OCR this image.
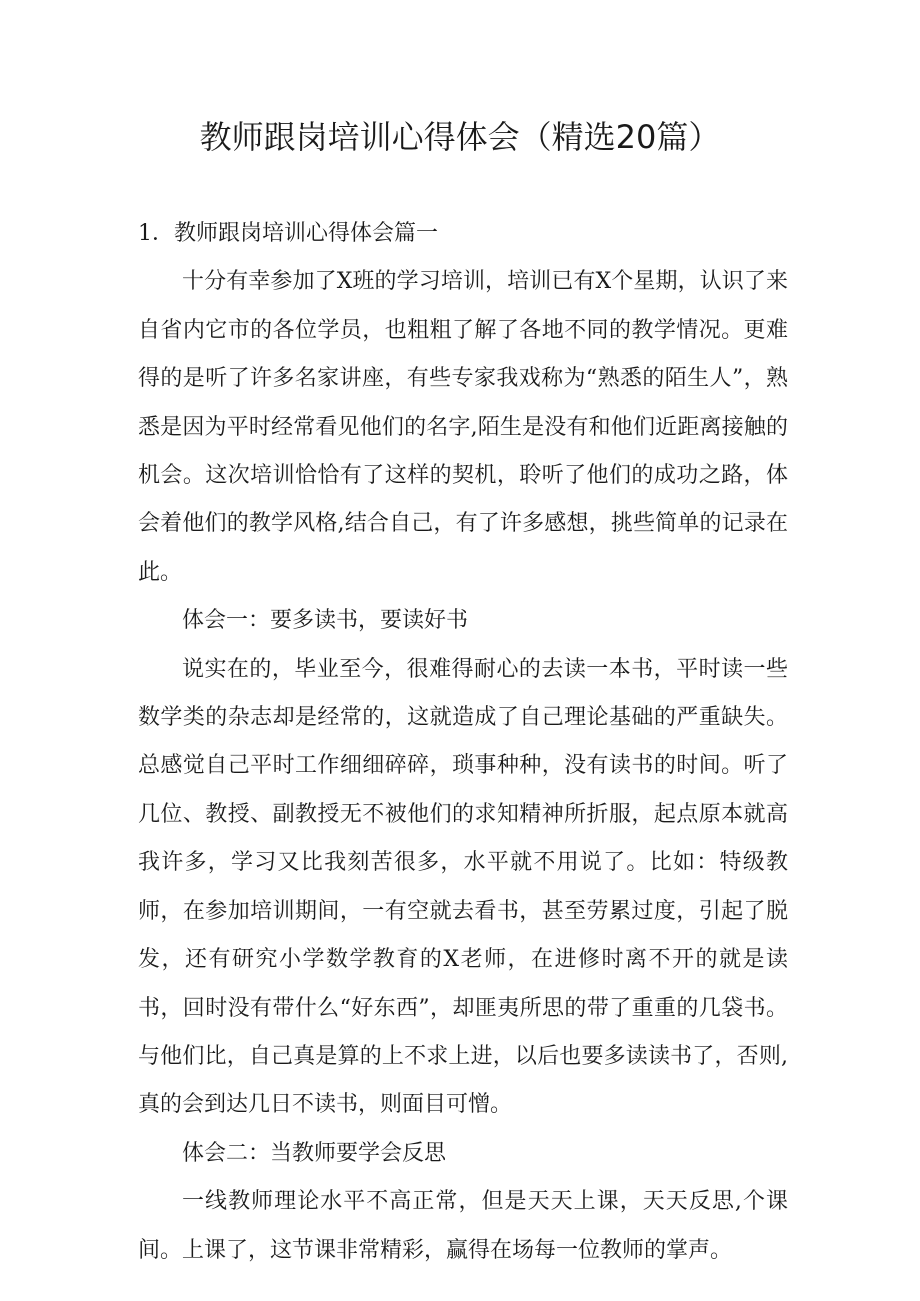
教师跟岗培训心得体会（精选20篇）

1．教师跟岗培训心得体会篇一

十分有幸参加了X班的学习培训，培训已有X个星期，认识了来自省内它市的各位学员，也粗粗了解了各地不同的教学情况。更难得的是听了许多名家讲座，有些专家我戏称为“熟悉的陌生人”，熟悉是因为平时经常看见他们的名字,陌生是没有和他们近距离接触的机会。这次培训恰恰有了这样的契机，聆听了他们的成功之路，体会着他们的教学风格,结合自己，有了许多感想，挑些简单的记录在此。

体会一：要多读书，要读好书

说实在的，毕业至今，很难得耐心的去读一本书，平时读一些数学类的杂志却是经常的，这就造成了自己理论基础的严重缺失。总感觉自己平时工作细细碎碎，琐事种种，没有读书的时间。听了几位、教授、副教授无不被他们的求知精神所折服，起点原本就高我许多，学习又比我刻苦很多，水平就不用说了。比如：特级教师，在参加培训期间，一有空就去看书，甚至劳累过度，引起了脱发，还有研究小学数学教育的X老师，在进修时离不开的就是读书，回时没有带什么“好东西”，却匪夷所思的带了重重的几袋书。与他们比，自己真是算的上不求上进，以后也要多读读书了，否则,真的会到达几日不读书，则面目可憎。

体会二：当教师要学会反思

一线教师理论水平不高正常，但是天天上课，天天反思,个课间。上课了，这节课非常精彩，赢得在场每一位教师的掌声。
